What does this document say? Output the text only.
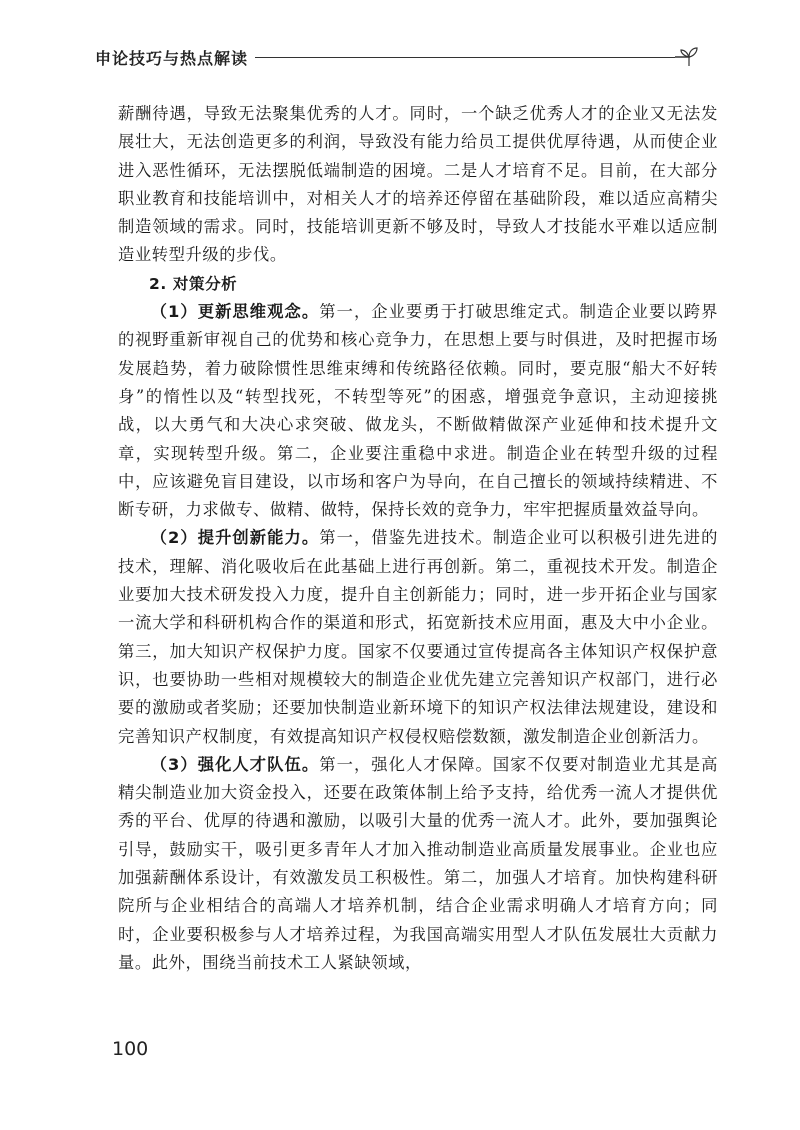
申论技巧与热点解读

薪酬待遇，导致无法聚集优秀的人才。同时，一个缺乏优秀人才的企业又无法发展壮大，无法创造更多的利润，导致没有能力给员工提供优厚待遇，从而使企业进入恶性循环，无法摆脱低端制造的困境。二是人才培育不足。目前，在大部分职业教育和技能培训中，对相关人才的培养还停留在基础阶段，难以适应高精尖制造领域的需求。同时，技能培训更新不够及时，导致人才技能水平难以适应制造业转型升级的步伐。

2. 对策分析

（1）更新思维观念。第一，企业要勇于打破思维定式。制造企业要以跨界的视野重新审视自己的优势和核心竞争力，在思想上要与时俱进，及时把握市场发展趋势，着力破除惯性思维束缚和传统路径依赖。同时，要克服“船大不好转身”的惰性以及“转型找死，不转型等死”的困惑，增强竞争意识，主动迎接挑战，以大勇气和大决心求突破、做龙头，不断做精做深产业延伸和技术提升文章，实现转型升级。第二，企业要注重稳中求进。制造企业在转型升级的过程中，应该避免盲目建设，以市场和客户为导向，在自己擅长的领域持续精进、不断专研，力求做专、做精、做特，保持长效的竞争力，牢牢把握质量效益导向。

（2）提升创新能力。第一，借鉴先进技术。制造企业可以积极引进先进的技术，理解、消化吸收后在此基础上进行再创新。第二，重视技术开发。制造企业要加大技术研发投入力度，提升自主创新能力；同时，进一步开拓企业与国家一流大学和科研机构合作的渠道和形式，拓宽新技术应用面，惠及大中小企业。第三，加大知识产权保护力度。国家不仅要通过宣传提高各主体知识产权保护意识，也要协助一些相对规模较大的制造企业优先建立完善知识产权部门，进行必要的激励或者奖励；还要加快制造业新环境下的知识产权法律法规建设，建设和完善知识产权制度，有效提高知识产权侵权赔偿数额，激发制造企业创新活力。

（3）强化人才队伍。第一，强化人才保障。国家不仅要对制造业尤其是高精尖制造业加大资金投入，还要在政策体制上给予支持，给优秀一流人才提供优秀的平台、优厚的待遇和激励，以吸引大量的优秀一流人才。此外，要加强舆论引导，鼓励实干，吸引更多青年人才加入推动制造业高质量发展事业。企业也应加强薪酬体系设计，有效激发员工积极性。第二，加强人才培育。加快构建科研院所与企业相结合的高端人才培养机制，结合企业需求明确人才培育方向；同时，企业要积极参与人才培养过程，为我国高端实用型人才队伍发展壮大贡献力量。此外，围绕当前技术工人紧缺领域，

100
